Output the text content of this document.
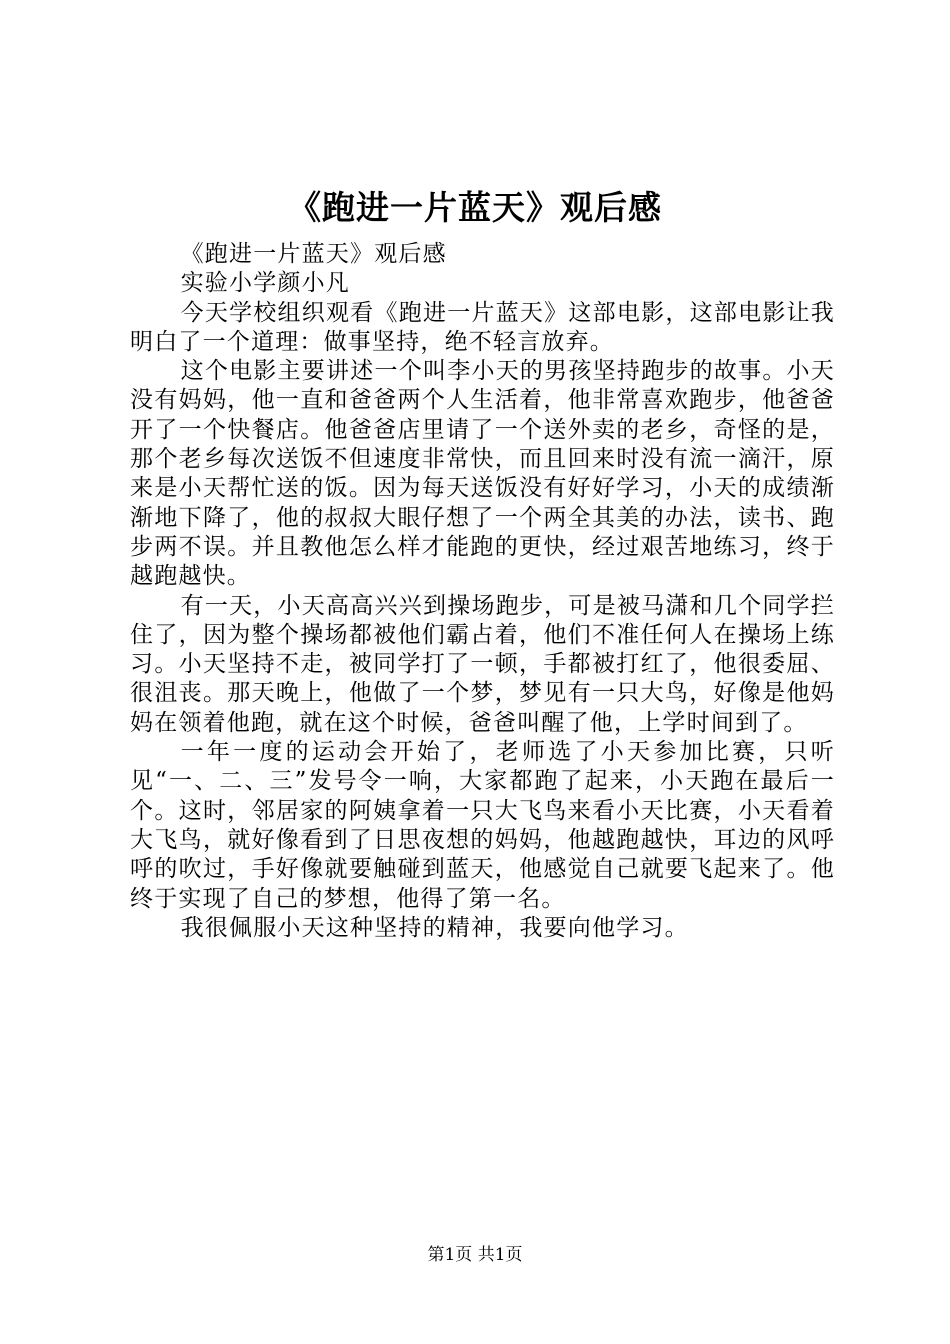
《跑进一片蓝天》观后感

《跑进一片蓝天》观后感

实验小学颜小凡

今天学校组织观看《跑进一片蓝天》这部电影，这部电影让我明白了一个道理：做事坚持，绝不轻言放弃。

这个电影主要讲述一个叫李小天的男孩坚持跑步的故事。小天没有妈妈，他一直和爸爸两个人生活着，他非常喜欢跑步，他爸爸开了一个快餐店。他爸爸店里请了一个送外卖的老乡，奇怪的是，那个老乡每次送饭不但速度非常快，而且回来时没有流一滴汗，原来是小天帮忙送的饭。因为每天送饭没有好好学习，小天的成绩渐渐地下降了，他的叔叔大眼仔想了一个两全其美的办法，读书、跑步两不误。并且教他怎么样才能跑的更快，经过艰苦地练习，终于越跑越快。

有一天，小天高高兴兴到操场跑步，可是被马潇和几个同学拦住了，因为整个操场都被他们霸占着，他们不准任何人在操场上练习。小天坚持不走，被同学打了一顿，手都被打红了，他很委屈、很沮丧。那天晚上，他做了一个梦，梦见有一只大鸟，好像是他妈妈在领着他跑，就在这个时候，爸爸叫醒了他，上学时间到了。

一年一度的运动会开始了，老师选了小天参加比赛，只听见“一、二、三”发号令一响，大家都跑了起来，小天跑在最后一个。这时，邻居家的阿姨拿着一只大飞鸟来看小天比赛，小天看着大飞鸟，就好像看到了日思夜想的妈妈，他越跑越快，耳边的风呼呼的吹过，手好像就要触碰到蓝天，他感觉自己就要飞起来了。他终于实现了自己的梦想，他得了第一名。

我很佩服小天这种坚持的精神，我要向他学习。

第1页 共1页
